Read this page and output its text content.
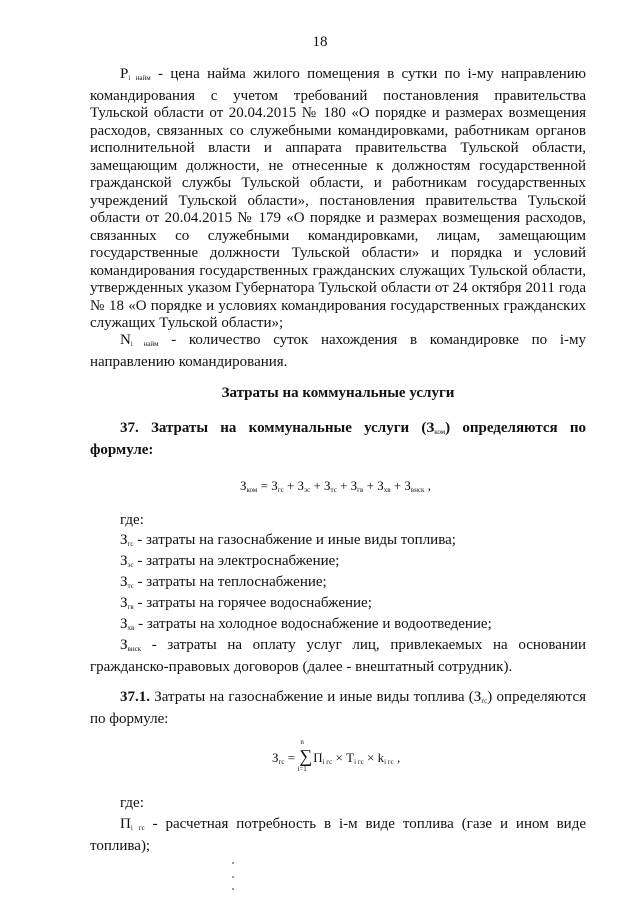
18
$P_{i найм}$ - цена найма жилого помещения в сутки по i-му направлению командирования с учетом требований постановления правительства Тульской области от 20.04.2015 № 180 «О порядке и размерах возмещения расходов, связанных со служебными командировками, работникам органов исполнительной власти и аппарата правительства Тульской области, замещающим должности, не отнесенные к должностям государственной гражданской службы Тульской области, и работникам государственных учреждений Тульской области», постановления правительства Тульской области от 20.04.2015 № 179 «О порядке и размерах возмещения расходов, связанных со служебными командировками, лицам, замещающим государственные должности Тульской области» и порядка и условий командирования государственных гражданских служащих Тульской области, утвержденных указом Губернатора Тульской области от 24 октября 2011 года № 18 «О порядке и условиях командирования государственных гражданских служащих Тульской области»;
$N_{i найм}$ - количество суток нахождения в командировке по i-му направлению командирования.
Затраты на коммунальные услуги
37. Затраты на коммунальные услуги $(З_{ком})$ определяются по формуле:
$З_{ком} = З_{гс} + З_{эс} + З_{тс} + З_{гв} + З_{хв} + З_{внск}$ ,
где:
$З_{гс}$ - затраты на газоснабжение и иные виды топлива;
$З_{эс}$ - затраты на электроснабжение;
$З_{тс}$ - затраты на теплоснабжение;
$З_{гв}$ - затраты на горячее водоснабжение;
$З_{хв}$ - затраты на холодное водоснабжение и водоотведение;
$З_{внск}$ - затраты на оплату услуг лиц, привлекаемых на основании гражданско-правовых договоров (далее - внештатный сотрудник).
37.1. Затраты на газоснабжение и иные виды топлива $(З_{гс})$ определяются по формуле:
$З_{гс}$ =
n
∑
i=1
$П_{i гс} \times Т_{i гс} \times k_{i гс}$ ,
где:
$П_{i гс}$ - расчетная потребность в i-м виде топлива (газе и ином виде топлива);
